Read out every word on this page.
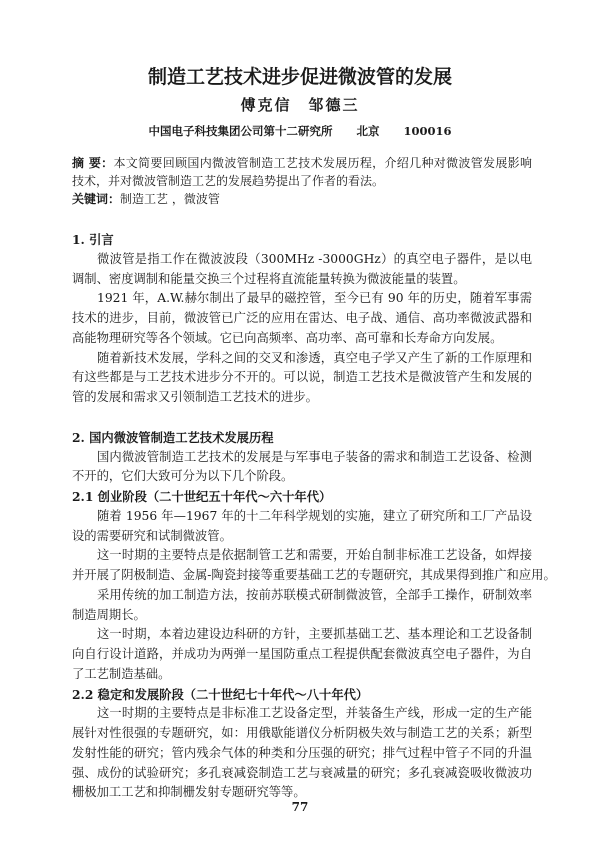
制造工艺技术进步促进微波管的发展
傅克信　邹德三
中国电子科技集团公司第十二研究所 北京 100016
摘 要：本文简要回顾国内微波管制造工艺技术发展历程，介绍几种对微波管发展影响
技术，并对微波管制造工艺的发展趋势提出了作者的看法。
关键词：制造工艺 ，微波管
1. 引言
微波管是指工作在微波波段（300MHz -3000GHz）的真空电子器件，是以电
调制、密度调制和能量交换三个过程将直流能量转换为微波能量的装置。
1921 年，A.W.赫尔制出了最早的磁控管，至今已有 90 年的历史，随着军事需
技术的进步，目前，微波管已广泛的应用在雷达、电子战、通信、高功率微波武器和
高能物理研究等各个领域。它已向高频率、高功率、高可靠和长寿命方向发展。
随着新技术发展，学科之间的交叉和渗透，真空电子学又产生了新的工作原理和
有这些都是与工艺技术进步分不开的。可以说，制造工艺技术是微波管产生和发展的
管的发展和需求又引领制造工艺技术的进步。
2. 国内微波管制造工艺技术发展历程
国内微波管制造工艺技术的发展是与军事电子装备的需求和制造工艺设备、检测
不开的，它们大致可分为以下几个阶段。
2.1 创业阶段（二十世纪五十年代～六十年代）
随着 1956 年—1967 年的十二年科学规划的实施，建立了研究所和工厂产品设
设的需要研究和试制微波管。
这一时期的主要特点是依据制管工艺和需要，开始自制非标准工艺设备，如焊接
并开展了阴极制造、金属-陶瓷封接等重要基础工艺的专题研究，其成果得到推广和应用。
采用传统的加工制造方法，按前苏联模式研制微波管，全部手工操作，研制效率
制造周期长。
这一时期，本着边建设边科研的方针，主要抓基础工艺、基本理论和工艺设备制
向自行设计道路，并成功为两弹一星国防重点工程提供配套微波真空电子器件，为自
了工艺制造基础。
2.2 稳定和发展阶段（二十世纪七十年代～八十年代）
这一时期的主要特点是非标准工艺设备定型，并装备生产线，形成一定的生产能
展针对性很强的专题研究，如：用俄歇能谱仪分析阴极失效与制造工艺的关系；新型
发射性能的研究；管内残余气体的种类和分压强的研究；排气过程中管子不同的升温
强、成份的试验研究；多孔衰减瓷制造工艺与衰减量的研究；多孔衰减瓷吸收微波功
栅极加工工艺和抑制栅发射专题研究等等。
77
